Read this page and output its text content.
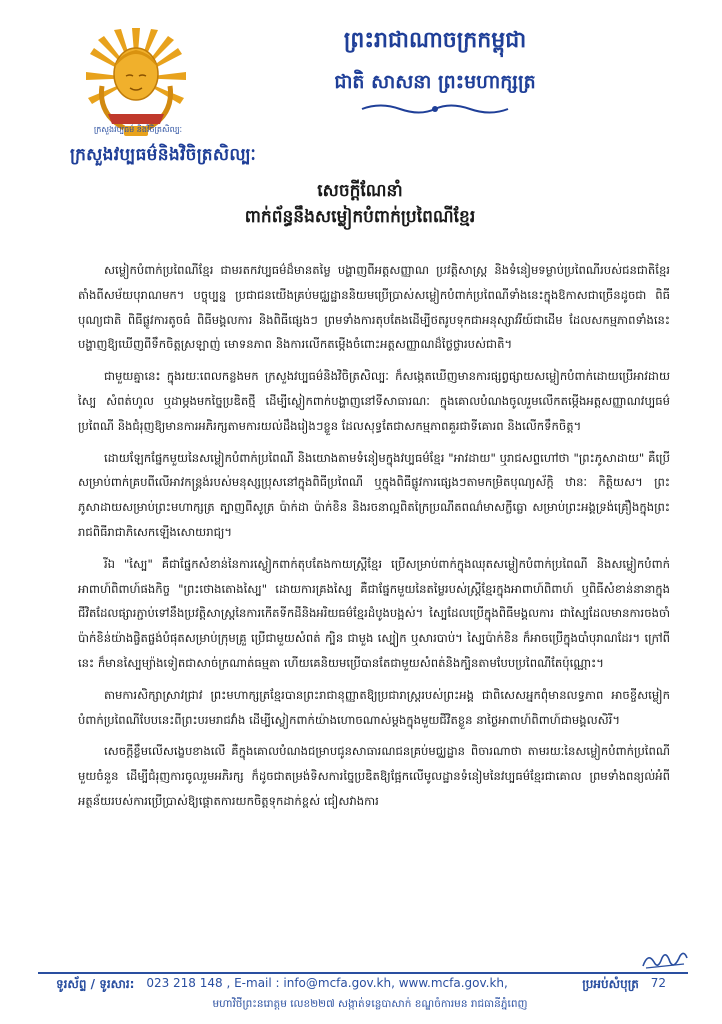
ក្រសួងវប្បធម៌ និងវិចិត្រសិល្បៈ
ក្រសួងវប្បធម៌និងវិចិត្រសិល្បៈ
ព្រះរាជាណាចក្រកម្ពុជា
ជាតិ សាសនា ព្រះមហាក្សត្រ
សេចក្តីណែនាំ
ពាក់ព័ន្ធនឹងសម្លៀកបំពាក់ប្រពៃណីខ្មែរ

សម្លៀកបំពាក់ប្រពៃណីខ្មែរ ជាមរតកវប្បធម៌ដ៏មានតម្លៃ បង្ហាញពីអត្តសញ្ញាណ ប្រវត្តិសាស្ត្រ និងទំនៀមទម្លាប់ប្រពៃណីរបស់ជនជាតិខ្មែរតាំងពីសម័យបុរាណមក។ បច្ចុប្បន្ន ប្រជាជនយើងគ្រប់មជ្ឈដ្ឋាននិយមប្រើប្រាស់សម្លៀកបំពាក់ប្រពៃណីទាំងនេះក្នុងឱកាសជាច្រើនដូចជា ពិធីបុណ្យជាតិ ពិធីផ្លូវការតូចធំ ពិធីមង្គលការ និងពិធីផ្សេងៗ ព្រមទាំងការតុបតែងដើម្បីថតរូបទុកជាអនុស្សាវរីយ៍ជាដើម ដែលសកម្មភាពទាំងនេះបង្ហាញឱ្យឃើញពីទឹកចិត្តស្រឡាញ់ មោទនភាព និងការលើកតម្កើងចំពោះអត្តសញ្ញាណដ៏ថ្លៃថ្លារបស់ជាតិ។

ជាមួយគ្នានេះ ក្នុងរយៈពេលកន្លងមក ក្រសួងវប្បធម៌និងវិចិត្រសិល្បៈ ក៏សង្កេតឃើញមានការផ្សព្វផ្សាយសម្លៀកបំពាក់ដោយប្រើអាវដាយ ស្បៃ សំពត់ហូល ឬដាម្ភងមកច្នៃប្រឌិតថ្មី ដើម្បីស្លៀកពាក់បង្ហាញនៅទីសាធារណៈ ក្នុងគោលបំណងចូលរួមលើកតម្កើងអត្តសញ្ញាណវប្បធម៌ប្រពៃណី និងជំរុញឱ្យមានការអភិរក្សតាមការយល់ដឹងរៀងៗខ្លួន ដែលសុទ្ធតែជាសកម្មភាពគួរជាទីគោរព និងលើកទឹកចិត្ត។

ដោយឡែកផ្នែកមួយនៃសម្លៀកបំពាក់ប្រពៃណី និងយោងតាមទំនៀមក្នុងវប្បធម៌ខ្មែរ "អាវដាយ" ឬរាជសព្ទហៅថា "ព្រះភូសាដាយ" គឺប្រើសម្រាប់ពាក់គ្របពីលើអាវកន្រ្តង់របស់មនុស្សប្រុសនៅក្នុងពិធីប្រពៃណី ឬក្នុងពិធីផ្លូវការផ្សេងៗតាមកម្រិតបុណ្យស័ក្តិ ឋានៈ កិត្តិយស។ ព្រះភូសាដាយសម្រាប់ព្រះមហាក្សត្រ ត្បាញពីសូត្រ ប៉ាក់ដា ប៉ាក់ខិន និងរចនាល្អពិតក្រៃប្រណីតពណ៌មាសក្លីធ្លោ សម្រាប់ព្រះអង្គទ្រង់គ្រឿងក្នុងព្រះរាជពិធីរាជាភិសេកឡើងសោយរាជ្យ។

រីឯ "ស្បៃ" គឺជាផ្នែកសំខាន់នៃការស្លៀកពាក់តុបតែងកាយស្ត្រីខ្មែរ ប្រើសម្រាប់ពាក់ក្នុងឈុតសម្លៀកបំពាក់ប្រពៃណី និងសម្លៀកបំពាក់អាពាហ៍ពិពាហ៍ផងកិច្ច "ព្រះថោងតោងស្បៃ" ដោយការគ្រងស្បៃ គឺជាផ្នែកមួយនៃតម្លៃរបស់ស្ត្រីខ្មែរក្នុងអាពាហ៍ពិពាហ៍ ឬពិធីសំខាន់នានាក្នុងជីវិតដែលផ្សារភ្ជាប់ទៅនឹងប្រវត្តិសាស្ត្រនៃការកើតទីកដីនិងអរិយធម៌ខ្មែរដំបូងបង្អស់។ ស្បៃដែលប្រើក្នុងពិធីមង្គលការ ជាស្បៃដែលមានការចងចាំប៉ាក់ខិន់យ៉ាងផ្ចិតផ្ចង់បំផុតសម្រាប់ក្រុមគ្រួ ប្រើជាមួយសំពត់ ក្បិន ជាមួង ស្បៀក ឬសារបាប់។ ស្បៃប៉ាក់ខិន ក៏អាចប្រើក្នុងបាំបុរាណដែរ។ ក្រៅពីនេះ ក៏មានស្បៃម្យ៉ាងទៀតជាសាច់ក្រណាត់ធម្មតា ហើយគេនិយមប្រើបានតែជាមួយសំពត់និងក្បិនតាមបែបប្រពៃណីតែប៉ុណ្ណោះ។

តាមការសិក្សាស្រាវជ្រាវ ព្រះមហាក្សត្រខ្មែរបានព្រះរាជានុញ្ញាតឱ្យប្រជារាស្ត្ររបស់ព្រះអង្គ ជាពិសេសអ្នកពុំមានលទ្ធភាព អាចខ្ចីសម្លៀកបំពាក់ប្រពៃណីបែបនេះពីព្រះបរមរាជវាំង ដើម្បីស្លៀកពាក់យ៉ាងហោចណាស់ម្តងក្នុងមួយជីវិតខ្លួន នាថ្ងៃអាពាហ៍ពិពាហ៍ជាមង្គលសិរី។

សេចក្តីខ្លឹមលើសង្ខេបខាងលើ គឺក្នុងគោលបំណងជម្រាបជូនសាធារណជនគ្រប់មជ្ឈដ្ឋាន ពិចារណាថា តាមរយៈនៃសម្លៀកបំពាក់ប្រពៃណីមួយចំនួន ដើម្បីជំរុញការចូលរួមអភិរក្ស ក៏ដូចជាតម្រង់ទិសការច្នៃប្រឌិតឱ្យផ្អែកលើមូលដ្ឋានទំនៀមនៃវប្បធម៌ខ្មែរជាគោល ព្រមទាំងពន្យល់អំពីអត្ថន័យរបស់ការប្រើប្រាស់ឱ្យផ្តោតការយកចិត្តទុកដាក់ខ្ពស់ ជៀសវាងការ

ទូរស័ព្ទ / ទូរសារ: 023 218 148 , E-mail : info@mcfa.gov.kh, www.mcfa.gov.kh,	ប្រអប់សំបុត្រ 72
មហាវិថីព្រះនរោត្តម លេខ២២៧ សង្កាត់ទន្លេបាសាក់ ខណ្ឌចំការមន រាជធានីភ្នំពេញ
